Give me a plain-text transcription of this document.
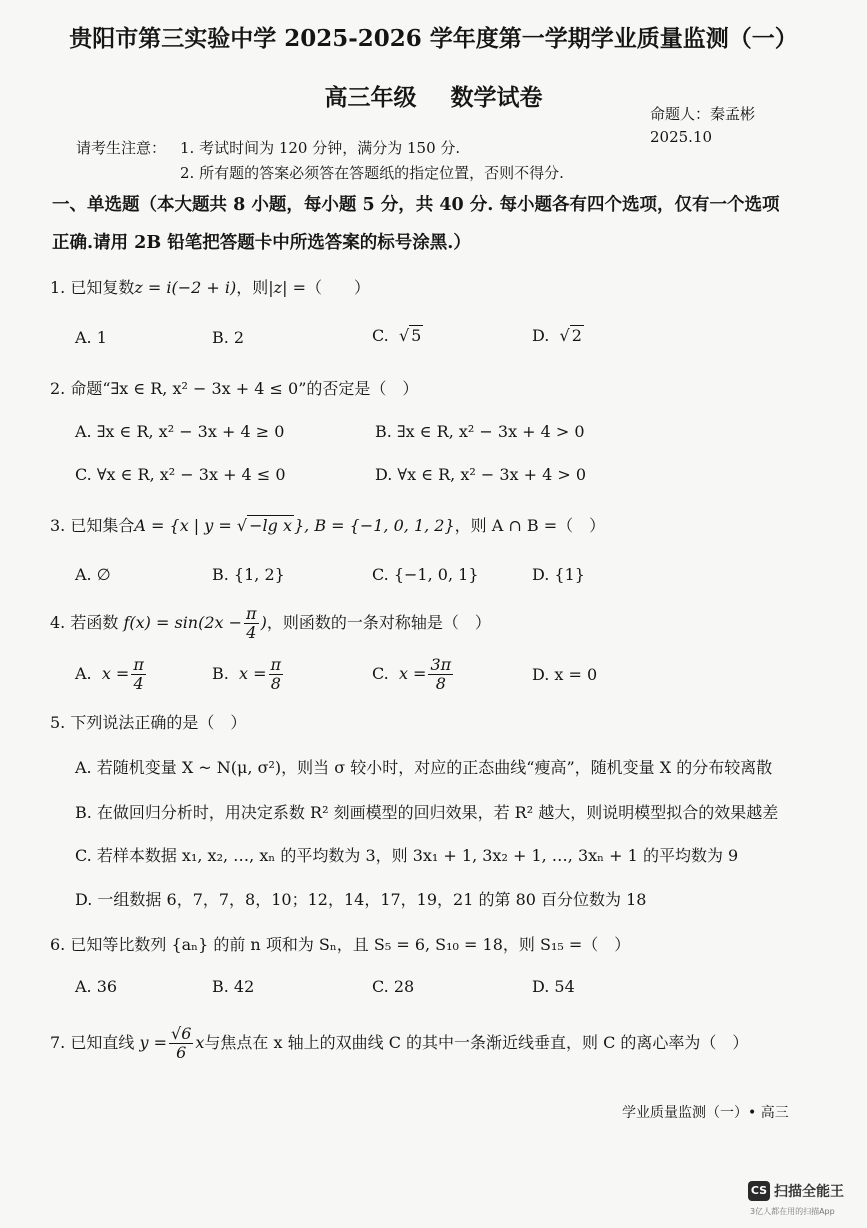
贵阳市第三实验中学 2025-2026 学年度第一学期学业质量监测（一）
高三年级 数学试卷
命题人：秦孟彬
2025.10
请考生注意： 1. 考试时间为 120 分钟，满分为 150 分.
2. 所有题的答案必须答在答题纸的指定位置，否则不得分.
一、单选题（本大题共 8 小题，每小题 5 分，共 40 分. 每小题各有四个选项，仅有一个选项
正确.请用 2B 铅笔把答题卡中所选答案的标号涂黑.）
1. 已知复数z = i(−2 + i)，则|z| =（　　）
A. 1	B. 2	C. √ 5	D. √ 2
2. 命题“∃x ∈ R, x² − 3x + 4 ≤ 0”的否定是（　）
A. ∃x ∈ R, x² − 3x + 4 ≥ 0	B. ∃x ∈ R, x² − 3x + 4 > 0
C. ∀x ∈ R, x² − 3x + 4 ≤ 0	D. ∀x ∈ R, x² − 3x + 4 > 0
3. 已知集合A = {x | y = √ −lg x }, B = {−1, 0, 1, 2}，则 A ∩ B =（　）
A. ∅	B. {1, 2}	C. {−1, 0, 1}	D. {1}
4. 若函数 $f(x) = \sin(2x - \frac{\pi}{4}$ )，则函数的一条对称轴是（　）
A. $x = \frac{\pi}{4}$	B. $x = \frac{\pi}{8}$	C. $x = \frac{3\pi}{8}$	D. x = 0
5. 下列说法正确的是（　）
A. 若随机变量 X ~ N(μ, σ²)，则当 σ 较小时，对应的正态曲线“瘦高”，随机变量 X 的分布较离散
B. 在做回归分析时，用决定系数 R² 刻画模型的回归效果，若 R² 越大，则说明模型拟合的效果越差
C. 若样本数据 x₁, x₂, …, xₙ 的平均数为 3，则 3x₁ + 1, 3x₂ + 1, …, 3xₙ + 1 的平均数为 9
D. 一组数据 6，7，7，8，10；12，14，17，19，21 的第 80 百分位数为 18
6. 已知等比数列 {aₙ} 的前 n 项和为 Sₙ，且 S₅ = 6, S₁₀ = 18，则 S₁₅ =（　）
A. 36	B. 42	C. 28	D. 54
7. 已知直线 $y = \frac{√6}{6}$ x与焦点在 x 轴上的双曲线 C 的其中一条渐近线垂直，则 C 的离心率为（　）
学业质量监测（一）• 高三
CS 扫描全能王
3亿人都在用的扫描App
